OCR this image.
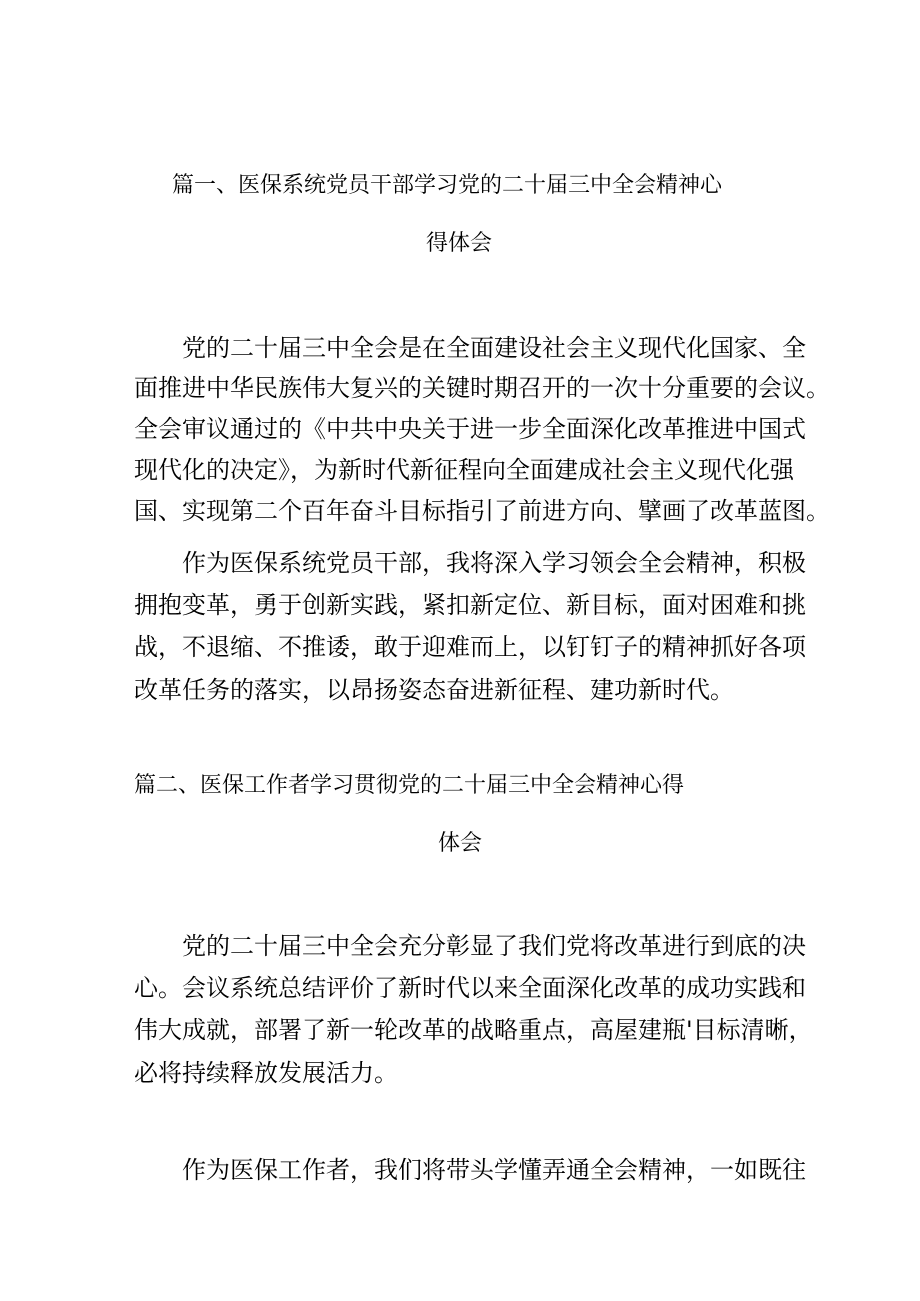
篇一、医保系统党员干部学习党的二十届三中全会精神心
得体会
党的二十届三中全会是在全面建设社会主义现代化国家、全
面推进中华民族伟大复兴的关键时期召开的一次十分重要的会议。
全会审议通过的《中共中央关于进一步全面深化改革推进中国式
现代化的决定》，为新时代新征程向全面建成社会主义现代化强
国、实现第二个百年奋斗目标指引了前进方向、擘画了改革蓝图。
作为医保系统党员干部，我将深入学习领会全会精神，积极
拥抱变革，勇于创新实践，紧扣新定位、新目标，面对困难和挑
战，不退缩、不推诿，敢于迎难而上，以钉钉子的精神抓好各项
改革任务的落实，以昂扬姿态奋进新征程、建功新时代。
篇二、医保工作者学习贯彻党的二十届三中全会精神心得
体会
党的二十届三中全会充分彰显了我们党将改革进行到底的决
心。会议系统总结评价了新时代以来全面深化改革的成功实践和
伟大成就，部署了新一轮改革的战略重点，高屋建瓶'目标清晰，
必将持续释放发展活力。
作为医保工作者，我们将带头学懂弄通全会精神，一如既往
